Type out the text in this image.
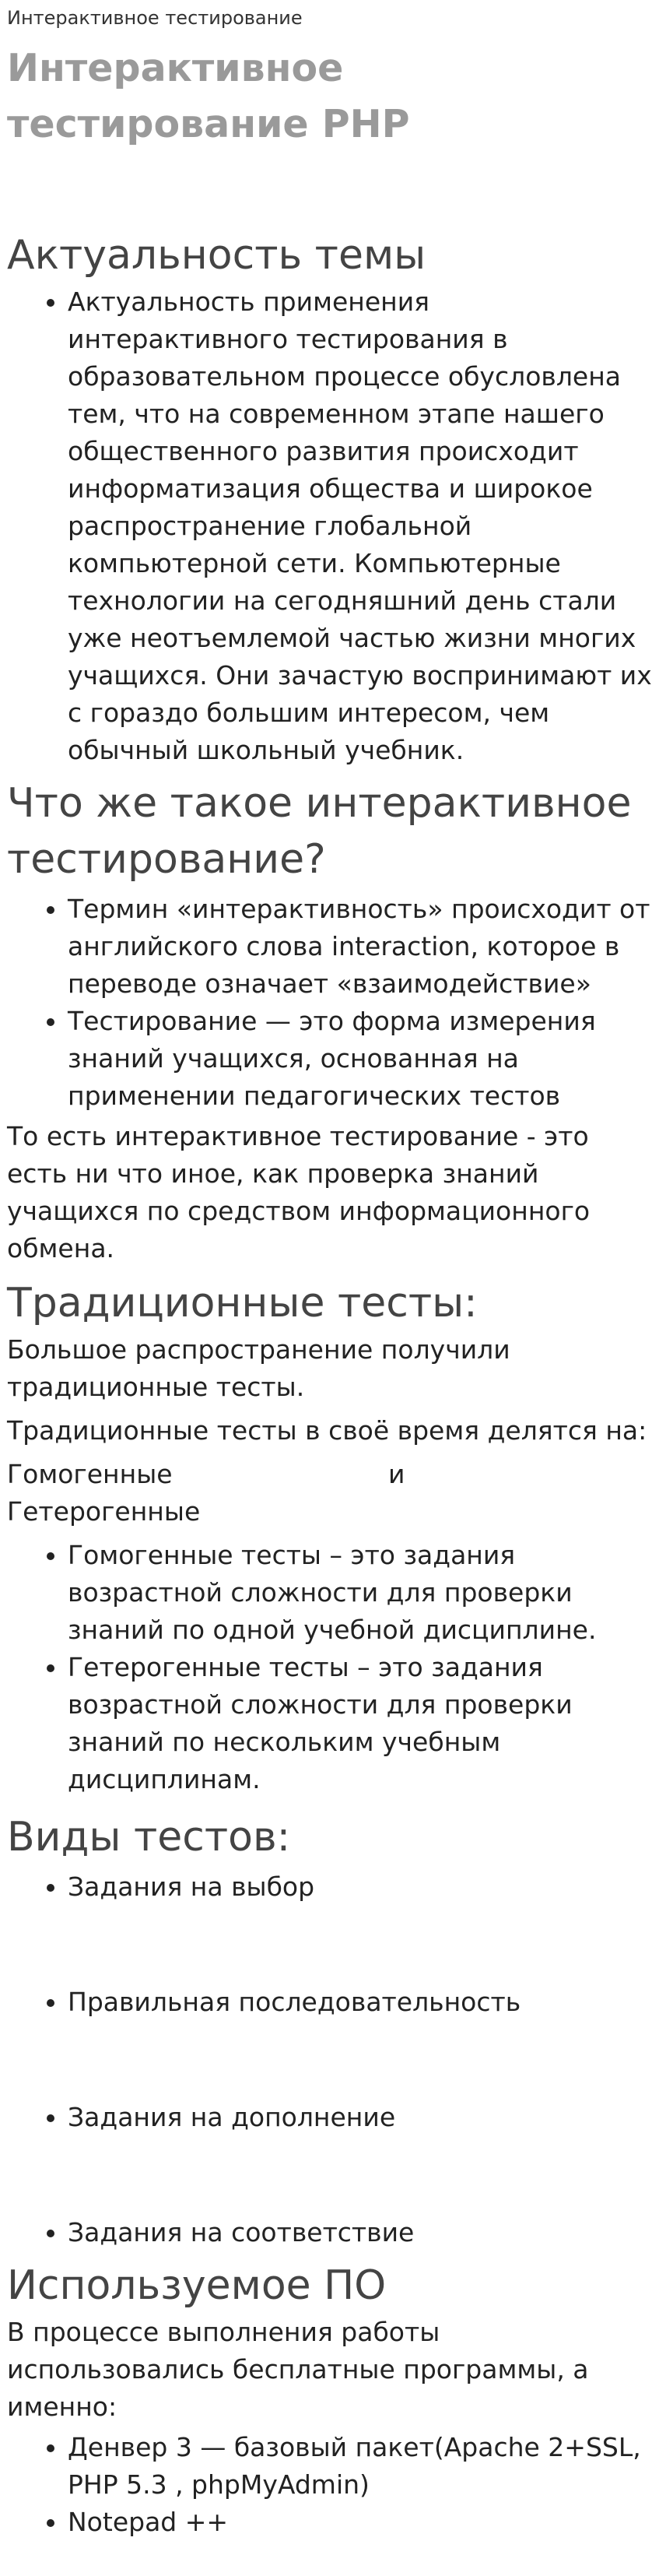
Интерактивное тестирование
Интерактивное тестирование PHP
Актуальность темы
• Актуальность применения интерактивного тестирования в образовательном процессе обусловлена тем, что на современном этапе нашего общественного развития происходит информатизация общества и широкое распространение глобальной компьютерной сети. Компьютерные технологии на сегодняшний день стали уже неотъемлемой частью жизни многих учащихся. Они зачастую воспринимают их с гораздо большим интересом, чем обычный школьный учебник.
Что же такое интерактивное тестирование?
• Термин «интерактивность» происходит от английского слова interaction, которое в переводе означает «взаимодействие»
• Тестирование — это форма измерения знаний учащихся, основанная на применении педагогических тестов

То есть интерактивное тестирование - это есть ни что иное, как проверка знаний учащихся по средством информационного обмена.

Традиционные тесты:

Большое распространение получили традиционные тесты.

Традиционные тесты в своё время делятся на:

Гомогенные	и

Гетерогенные

• Гомогенные тесты – это задания возрастной сложности для проверки знаний по одной учебной дисциплине.
• Гетерогенные тесты – это задания возрастной сложности для проверки знаний по нескольким учебным дисциплинам.
Виды тестов:
• Задания на выбор
• Правильная последовательность
• Задания на дополнение
• Задания на соответствие
Используемое ПО

В процессе выполнения работы использовались бесплатные программы, а именно:

• Денвер 3 — базовый пакет(Apache 2+SSL, PHP 5.3 , phpMyAdmin)
• Notepad ++
